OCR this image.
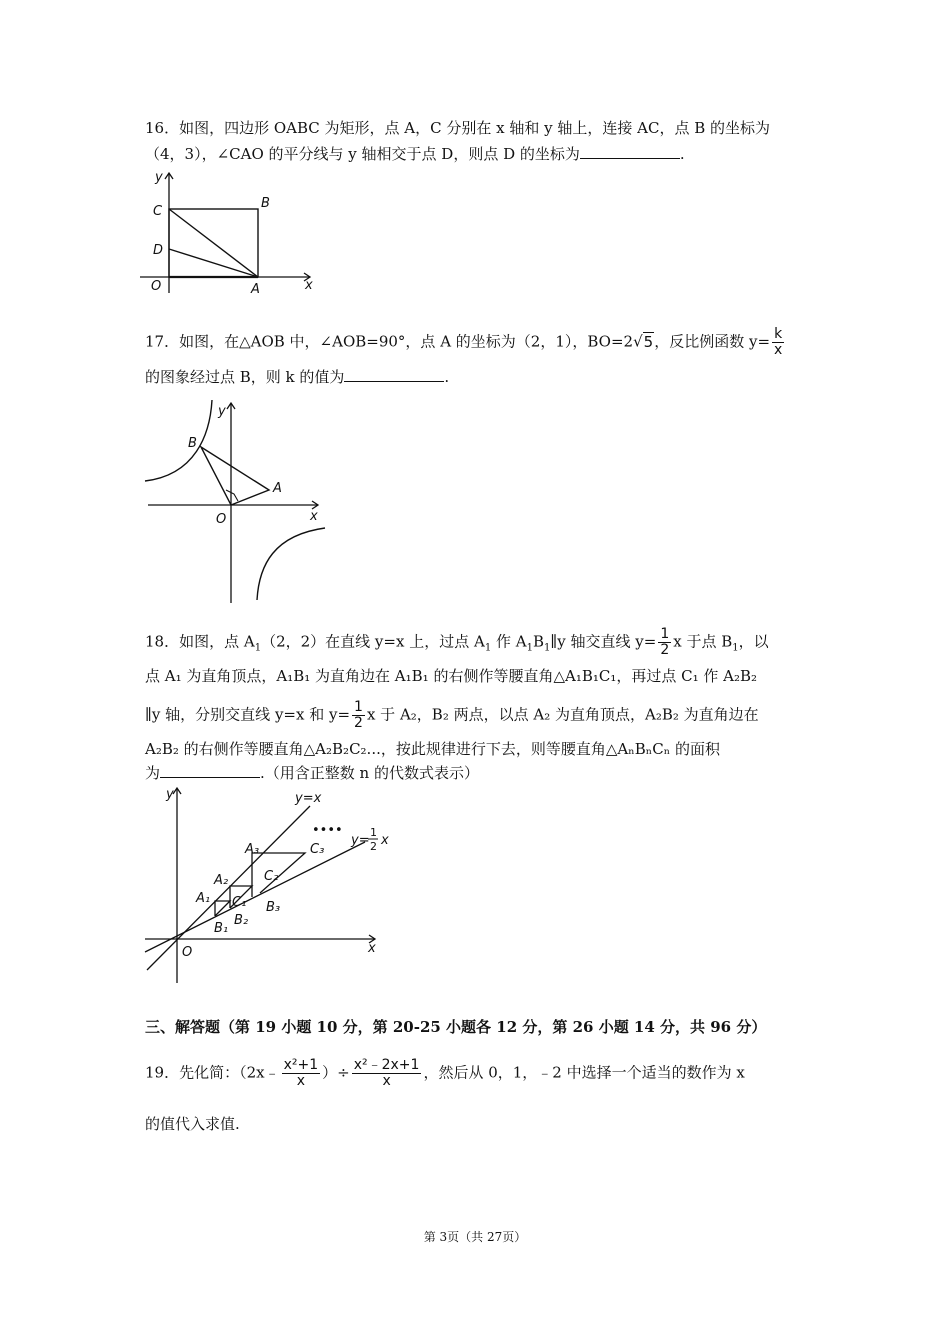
16．如图，四边形 OABC 为矩形，点 A，C 分别在 x 轴和 y 轴上，连接 AC，点 B 的坐标为
（4，3），∠CAO 的平分线与 y 轴相交于点 D，则点 D 的坐标为	.
y
x
O	A
B
C
D
17．如图，在△AOB 中，∠AOB=90°，点 A 的坐标为（2，1），BO=2√5，反比例函数 $y= \frac{k}{x}$
的图象经过点 B，则 k 的值为	.
y
x
O
A
B
18．如图，点 $A_1(2$，2）在直线 y=x 上，过点 $A_1$ 作 $A_1B_1\parallel y$ 轴交直线 $y= \frac{1}{2}$ x 于点 $B_1$，以
点 A₁ 为直角顶点，A₁B₁ 为直角边在 A₁B₁ 的右侧作等腰直角△A₁B₁C₁，再过点 C₁ 作 A₂B₂
∥y 轴，分别交直线 y=x 和 $y= \frac{1}{2}$ x 于 A₂，B₂ 两点，以点 A₂ 为直角顶点，A₂B₂ 为直角边在
A₂B₂ 的右侧作等腰直角△A₂B₂C₂...，按此规律进行下去，则等腰直角△AₙBₙCₙ 的面积
为	.（用含正整数 n 的代数式表示）
y
x
O
y=x
••••
y=
1
2 x
A₁
A₂
A₃
B₁
B₂
B₃
C₁
C₂
C₃
三、解答题（第 19 小题 10 分，第 20-25 小题各 12 分，第 26 小题 14 分，共 96 分）
19．先化简：（2x﹣ $\frac{\text{x²+1}}{x}$ ）÷ $\frac{\text{x²﹣2x+1}}{x}$ ，然后从 0，1，﹣2 中选择一个适当的数作为 x
的值代入求值.
第 3页（共 27页）
